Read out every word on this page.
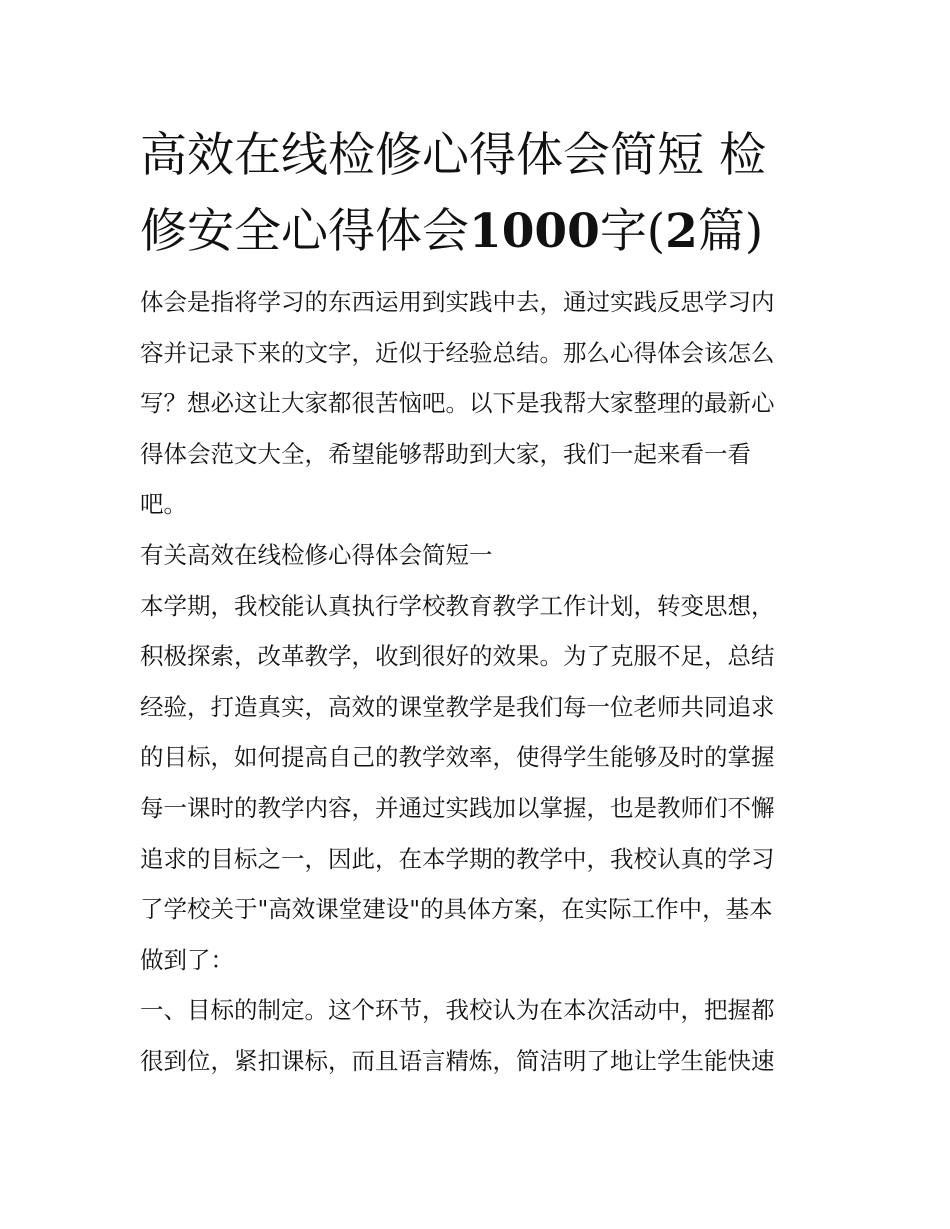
高效在线检修心得体会简短 检
修安全心得体会1000字(2篇)
体会是指将学习的东西运用到实践中去，通过实践反思学习内
容并记录下来的文字，近似于经验总结。那么心得体会该怎么
写？想必这让大家都很苦恼吧。以下是我帮大家整理的最新心
得体会范文大全，希望能够帮助到大家，我们一起来看一看
吧。
有关高效在线检修心得体会简短一
本学期，我校能认真执行学校教育教学工作计划，转变思想，
积极探索，改革教学，收到很好的效果。为了克服不足，总结
经验，打造真实，高效的课堂教学是我们每一位老师共同追求
的目标，如何提高自己的教学效率，使得学生能够及时的掌握
每一课时的教学内容，并通过实践加以掌握，也是教师们不懈
追求的目标之一，因此，在本学期的教学中，我校认真的学习
了学校关于"高效课堂建设"的具体方案，在实际工作中，基本
做到了：
一、目标的制定。这个环节，我校认为在本次活动中，把握都
很到位，紧扣课标，而且语言精炼，简洁明了地让学生能快速
